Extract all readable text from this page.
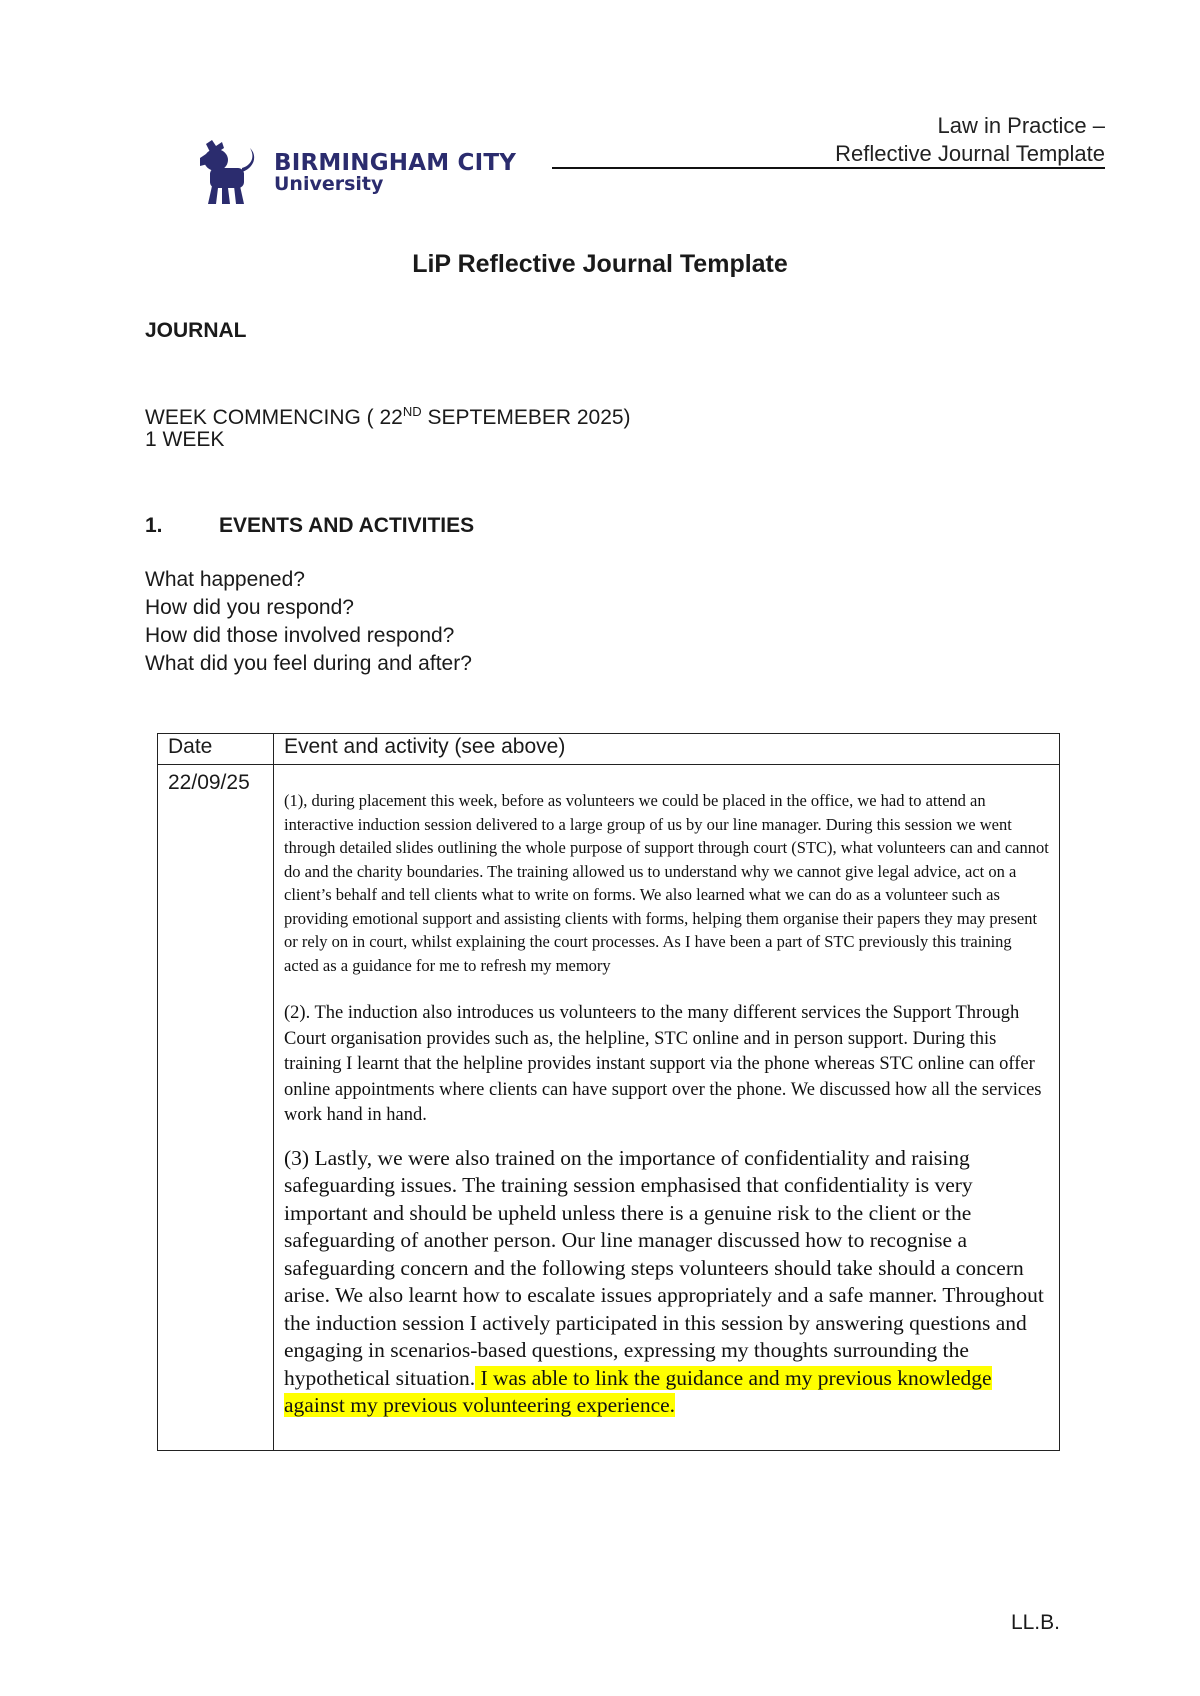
BIRMINGHAM CITY
University
Law in Practice –
Reflective Journal Template
LiP Reflective Journal Template
JOURNAL
WEEK COMMENCING ( 22ND SEPTEMEBER 2025)
1 WEEK
1.	EVENTS AND ACTIVITIES
What happened?
How did you respond?
How did those involved respond?
What did you feel during and after?
Date	Event and activity (see above)
22/09/25	(1), during placement this week, before as volunteers we could be placed in the office, we had to attend an interactive induction session delivered to a large group of us by our line manager. During this session we went through detailed slides outlining the whole purpose of support through court (STC), what volunteers can and cannot do and the charity boundaries. The training allowed us to understand why we cannot give legal advice, act on a client’s behalf and tell clients what to write on forms. We also learned what we can do as a volunteer such as providing emotional support and assisting clients with forms, helping them organise their papers they may present or rely on in court, whilst explaining the court processes. As I have been a part of STC previously this training acted as a guidance for me to refresh my memory

(2). The induction also introduces us volunteers to the many different services the Support Through Court organisation provides such as, the helpline, STC online and in person support. During this training I learnt that the helpline provides instant support via the phone whereas STC online can offer online appointments where clients can have support over the phone. We discussed how all the services work hand in hand.

(3) Lastly, we were also trained on the importance of confidentiality and raising safeguarding issues. The training session emphasised that confidentiality is very important and should be upheld unless there is a genuine risk to the client or the safeguarding of another person. Our line manager discussed how to recognise a safeguarding concern and the following steps volunteers should take should a concern arise. We also learnt how to escalate issues appropriately and a safe manner. Throughout the induction session I actively participated in this session by answering questions and engaging in scenarios-based questions, expressing my thoughts surrounding the hypothetical situation. I was able to link the guidance and my previous knowledge against my previous volunteering experience.

LL.B.
